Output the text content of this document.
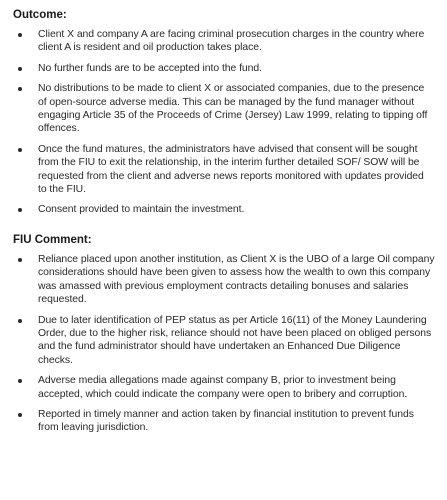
Outcome:
Client X and company A are facing criminal prosecution charges in the country where client A is resident and oil production takes place.
No further funds are to be accepted into the fund.
No distributions to be made to client X or associated companies, due to the presence of open-source adverse media. This can be managed by the fund manager without engaging Article 35 of the Proceeds of Crime (Jersey) Law 1999, relating to tipping off offences.
Once the fund matures, the administrators have advised that consent will be sought from the FIU to exit the relationship, in the interim further detailed SOF/ SOW will be requested from the client and adverse news reports monitored with updates provided to the FIU.
Consent provided to maintain the investment.
FIU Comment:
Reliance placed upon another institution, as Client X is the UBO of a large Oil company considerations should have been given to assess how the wealth to own this company was amassed with previous employment contracts detailing bonuses and salaries requested.
Due to later identification of PEP status as per Article 16(11) of the Money Laundering Order, due to the higher risk, reliance should not have been placed on obliged persons and the fund administrator should have undertaken an Enhanced Due Diligence checks.
Adverse media allegations made against company B, prior to investment being accepted, which could indicate the company were open to bribery and corruption.
Reported in timely manner and action taken by financial institution to prevent funds from leaving jurisdiction.
